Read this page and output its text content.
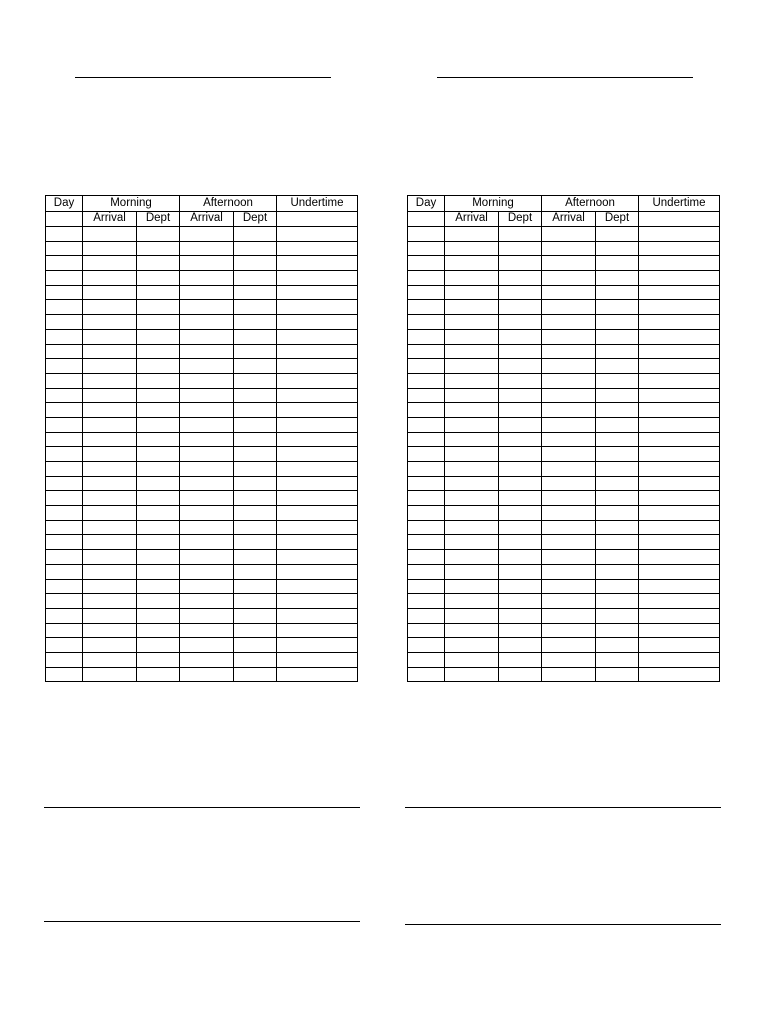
Day	Morning		Afternoon		Undertime
	Arrival	Dept	Arrival	Dept	

Day	Morning		Afternoon		Undertime
	Arrival	Dept	Arrival	Dept	
